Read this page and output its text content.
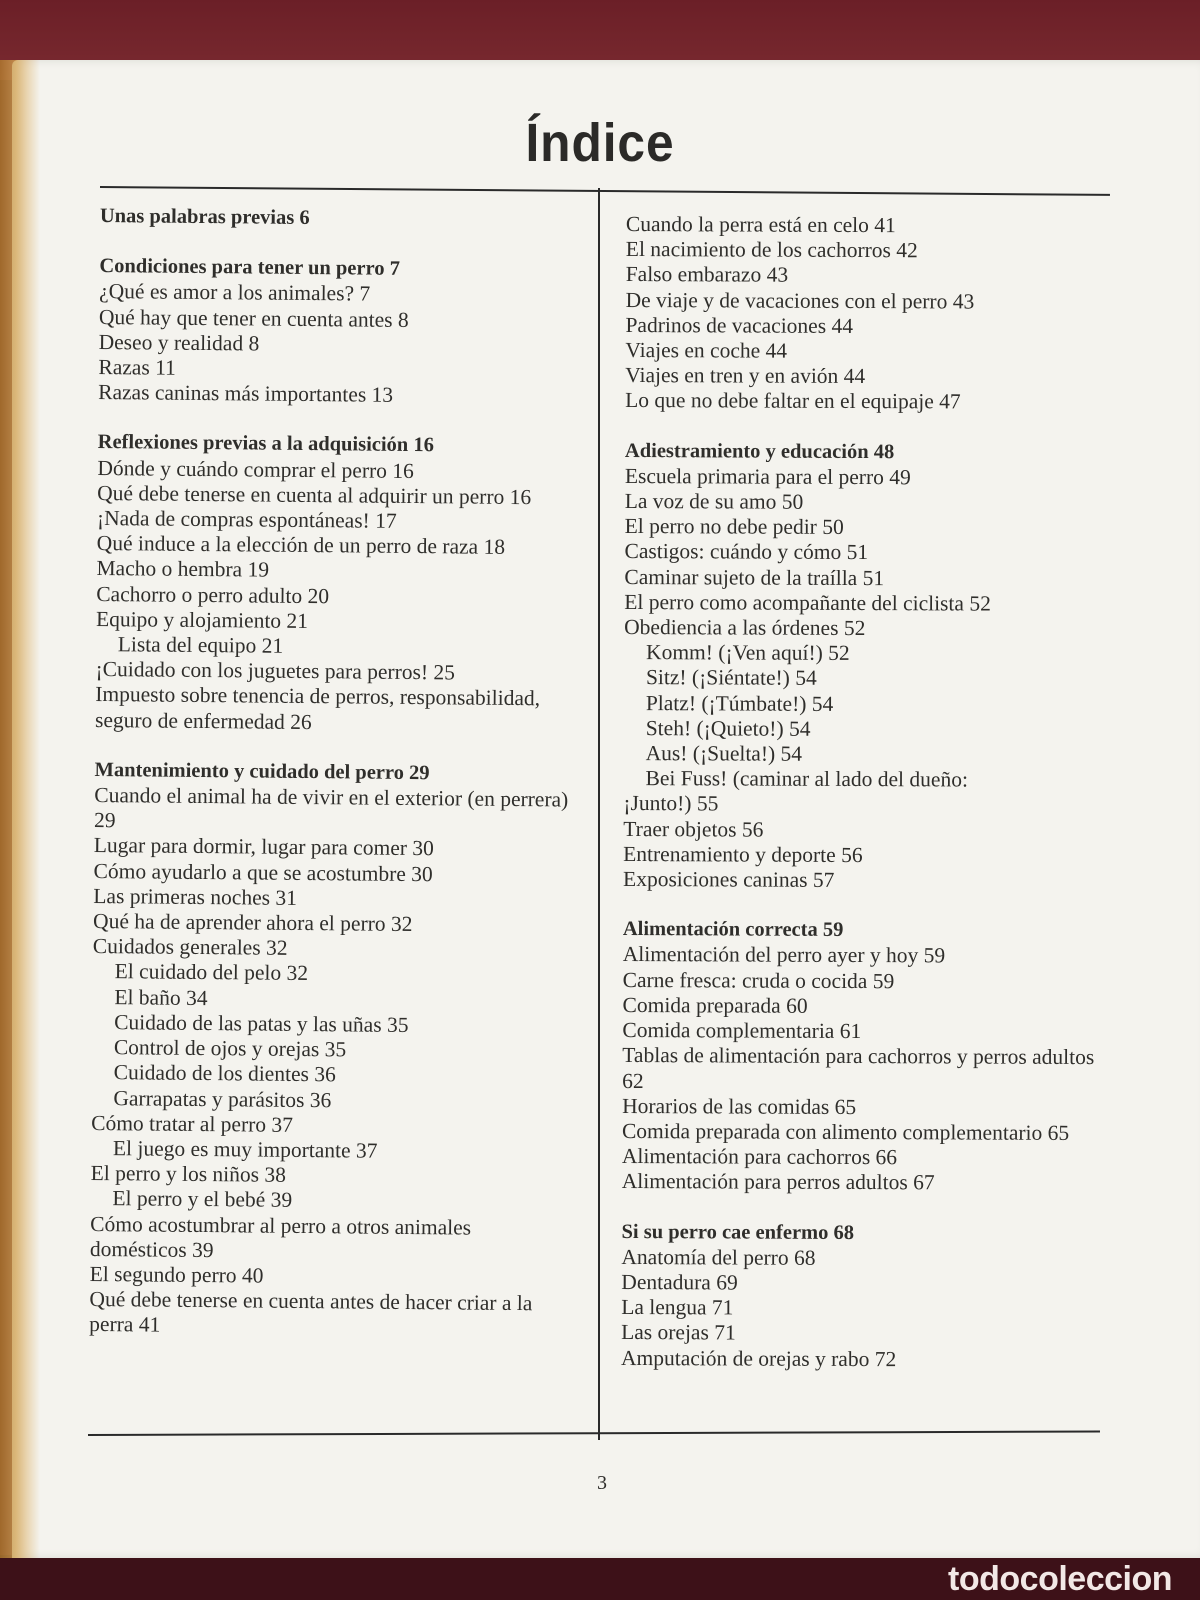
Índice
Unas palabras previas 6
Condiciones para tener un perro 7
¿Qué es amor a los animales? 7
Qué hay que tener en cuenta antes 8
Deseo y realidad 8
Razas 11
Razas caninas más importantes 13
Reflexiones previas a la adquisición 16
Dónde y cuándo comprar el perro 16
Qué debe tenerse en cuenta al adquirir un perro 16
¡Nada de compras espontáneas! 17
Qué induce a la elección de un perro de raza 18
Macho o hembra 19
Cachorro o perro adulto 20
Equipo y alojamiento 21
Lista del equipo 21
¡Cuidado con los juguetes para perros! 25
Impuesto sobre tenencia de perros, responsabilidad, seguro de enfermedad 26
Mantenimiento y cuidado del perro 29
Cuando el animal ha de vivir en el exterior (en perrera) 29
Lugar para dormir, lugar para comer 30
Cómo ayudarlo a que se acostumbre 30
Las primeras noches 31
Qué ha de aprender ahora el perro 32
Cuidados generales 32
El cuidado del pelo 32
El baño 34
Cuidado de las patas y las uñas 35
Control de ojos y orejas 35
Cuidado de los dientes 36
Garrapatas y parásitos 36
Cómo tratar al perro 37
El juego es muy importante 37
El perro y los niños 38
El perro y el bebé 39
Cómo acostumbrar al perro a otros animales domésticos 39
El segundo perro 40
Qué debe tenerse en cuenta antes de hacer criar a la perra 41
Cuando la perra está en celo 41
El nacimiento de los cachorros 42
Falso embarazo 43
De viaje y de vacaciones con el perro 43
Padrinos de vacaciones 44
Viajes en coche 44
Viajes en tren y en avión 44
Lo que no debe faltar en el equipaje 47
Adiestramiento y educación 48
Escuela primaria para el perro 49
La voz de su amo 50
El perro no debe pedir 50
Castigos: cuándo y cómo 51
Caminar sujeto de la traílla 51
El perro como acompañante del ciclista 52
Obediencia a las órdenes 52
Komm! (¡Ven aquí!) 52
Sitz! (¡Siéntate!) 54
Platz! (¡Túmbate!) 54
Steh! (¡Quieto!) 54
Aus! (¡Suelta!) 54
Bei Fuss! (caminar al lado del dueño:
¡Junto!) 55
Traer objetos 56
Entrenamiento y deporte 56
Exposiciones caninas 57
Alimentación correcta 59
Alimentación del perro ayer y hoy 59
Carne fresca: cruda o cocida 59
Comida preparada 60
Comida complementaria 61
Tablas de alimentación para cachorros y perros adultos 62
Horarios de las comidas 65
Comida preparada con alimento complementario 65
Alimentación para cachorros 66
Alimentación para perros adultos 67
Si su perro cae enfermo 68
Anatomía del perro 68
Dentadura 69
La lengua 71
Las orejas 71
Amputación de orejas y rabo 72
3
todocoleccion
